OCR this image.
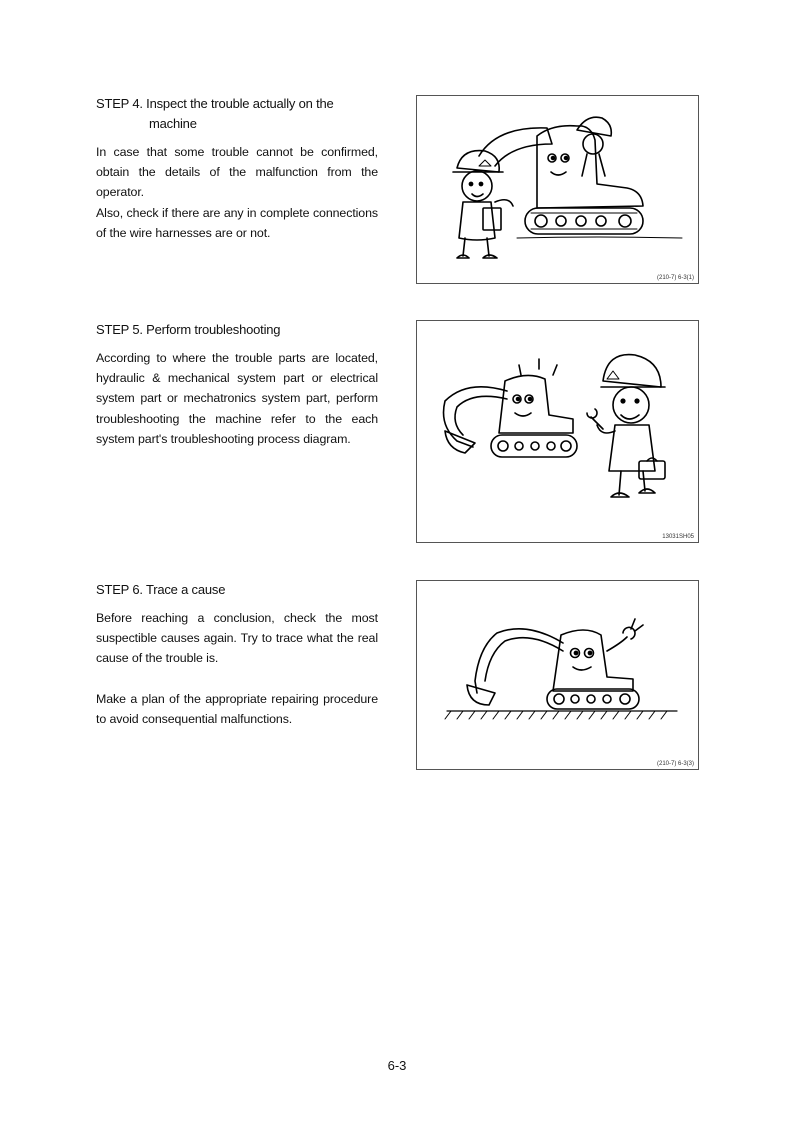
STEP 4. Inspect the trouble actually on the
machine

In case that some trouble cannot be confirmed, obtain the details of the malfunction from the operator.

Also, check if there are any in complete connections of the wire harnesses are or not.

(210-7) 6-3(1)
STEP 5. Perform troubleshooting

According to where the trouble parts are located, hydraulic & mechanical system part or electrical system part or mechatronics system part, perform troubleshooting the machine refer to the each system part's troubleshooting process diagram.

13031SH05
STEP 6. Trace a cause

Before reaching a conclusion, check the most suspectible causes again. Try to trace what the real cause of the trouble is.

Make a plan of the appropriate repairing procedure to avoid consequential malfunctions.

(210-7) 6-3(3)
6-3
